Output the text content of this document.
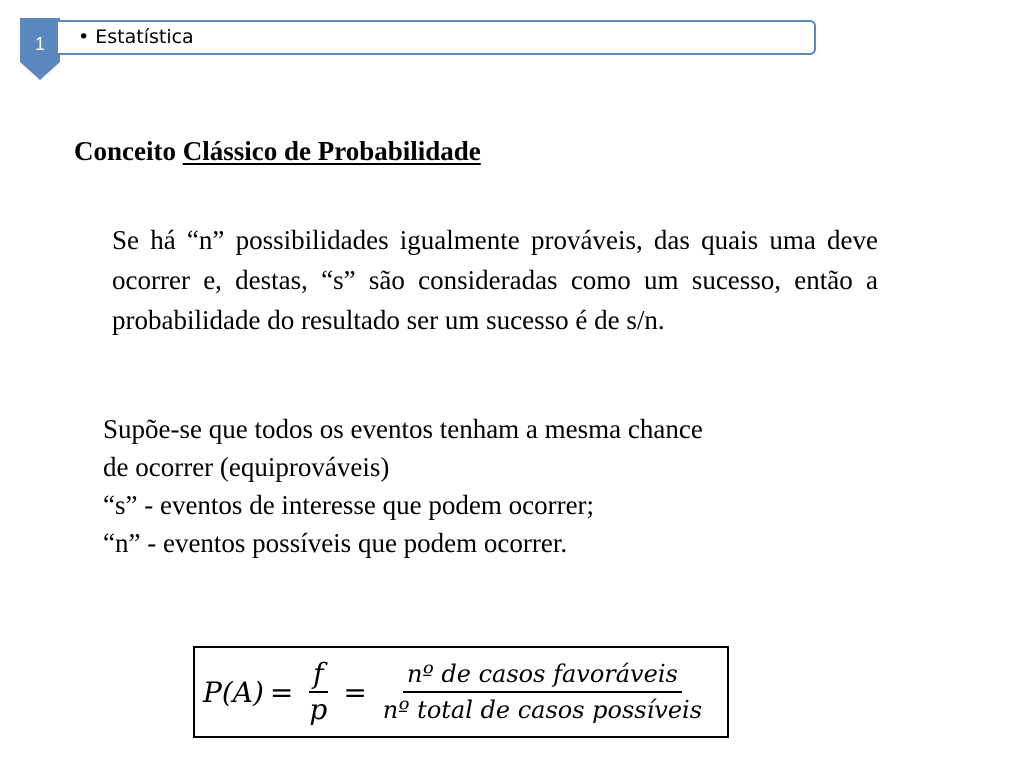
1	• Estatística
Conceito Clássico de Probabilidade
Se há “n” possibilidades igualmente prováveis, das quais uma deve ocorrer e, destas, “s” são consideradas como um sucesso, então a probabilidade do resultado ser um sucesso é de s/n.
Supõe-se que todos os eventos tenham a mesma chance
de ocorrer (equiprováveis)
“s” - eventos de interesse que podem ocorrer;
“n” - eventos possíveis que podem ocorrer.
$P(A) = \frac{f}{p} = \frac{\text{nº de casos favoráveis}}{\text{nº total de casos possíveis}}$
